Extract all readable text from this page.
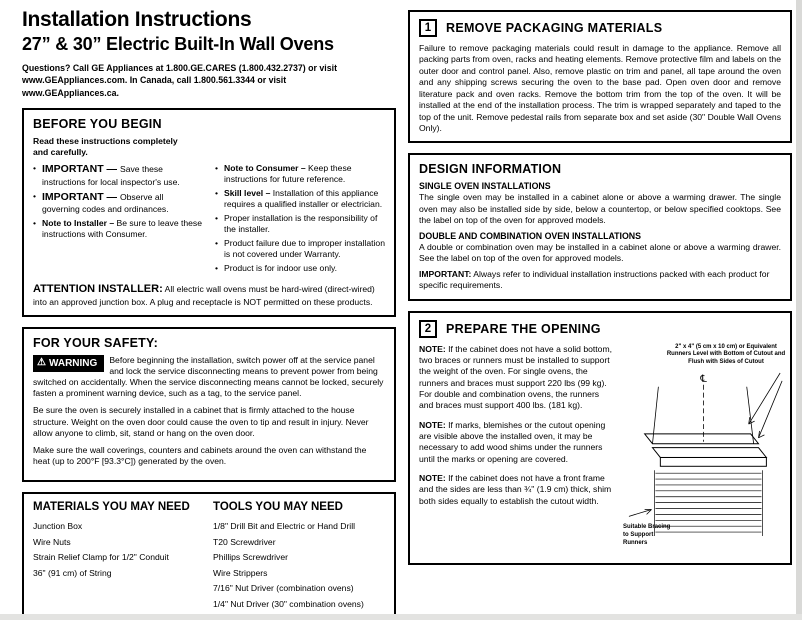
Installation Instructions
27” & 30” Electric Built-In Wall Ovens

Questions? Call GE Appliances at 1.800.GE.CARES (1.800.432.2737) or visit www.GEAppliances.com. In Canada, call 1.800.561.3344 or visit www.GEAppliances.ca.

BEFORE YOU BEGIN

Read these instructions completely and carefully.

• IMPORTANT — Save these instructions for local inspector's use.
• IMPORTANT — Observe all governing codes and ordinances.
• Note to Installer – Be sure to leave these instructions with Consumer.
• Note to Consumer – Keep these instructions for future reference.
• Skill level – Installation of this appliance requires a qualified installer or electrician.
• Proper installation is the responsibility of the installer.
• Product failure due to improper installation is not covered under Warranty.
• Product is for indoor use only.

ATTENTION INSTALLER: All electric wall ovens must be hard-wired (direct-wired) into an approved junction box. A plug and receptacle is NOT permitted on these products.

FOR YOUR SAFETY:

⚠ WARNING Before beginning the installation, switch power off at the service panel and lock the service disconnecting means to prevent power from being switched on accidentally. When the service disconnecting means cannot be locked, securely fasten a prominent warning device, such as a tag, to the service panel.

Be sure the oven is securely installed in a cabinet that is firmly attached to the house structure. Weight on the oven door could cause the oven to tip and result in injury. Never allow anyone to climb, sit, stand or hang on the oven door.

Make sure the wall coverings, counters and cabinets around the oven can withstand the heat (up to 200°F [93.3°C]) generated by the oven.

MATERIALS YOU MAY NEED
Junction Box
Wire Nuts
Strain Relief Clamp for 1/2" Conduit
36" (91 cm) of String
TOOLS YOU MAY NEED
1/8" Drill Bit and Electric or Hand Drill
T20 Screwdriver
Phillips Screwdriver
Wire Strippers
7/16" Nut Driver (combination ovens)
1/4" Nut Driver (30" combination ovens)
1	REMOVE PACKAGING MATERIALS

Failure to remove packaging materials could result in damage to the appliance. Remove all packing parts from oven, racks and heating elements. Remove protective film and labels on the outer door and control panel. Also, remove plastic on trim and panel, all tape around the oven and any shipping screws securing the oven to the base pad. Open oven door and remove literature pack and oven racks. Remove the bottom trim from the top of the oven. It will be installed at the end of the installation process. The trim is wrapped separately and taped to the top of the unit. Remove pedestal rails from separate box and set aside (30" Double Wall Ovens Only).

DESIGN INFORMATION
SINGLE OVEN INSTALLATIONS

The single oven may be installed in a cabinet alone or above a warming drawer. The single oven may also be installed side by side, below a countertop, or below specified cooktops. See the label on top of the oven for approved models.

DOUBLE AND COMBINATION OVEN INSTALLATIONS

A double or combination oven may be installed in a cabinet alone or above a warming drawer. See the label on top of the oven for approved models.

IMPORTANT: Always refer to individual installation instructions packed with each product for specific requirements.

2	PREPARE THE OPENING

NOTE: If the cabinet does not have a solid bottom, two braces or runners must be installed to support the weight of the oven. For single ovens, the runners and braces must support 220 lbs (99 kg). For double and combination ovens, the runners and braces must support 400 lbs. (181 kg).

NOTE: If marks, blemishes or the cutout opening are visible above the installed oven, it may be necessary to add wood shims under the runners until the marks or opening are covered.

NOTE: If the cabinet does not have a front frame and the sides are less than ¾" (1.9 cm) thick, shim both sides equally to establish the cutout width.

2" x 4" (5 cm x 10 cm) or Equivalent Runners Level with Bottom of Cutout and Flush with Sides of Cutout
℄
Suitable Bracing to Support Runners
